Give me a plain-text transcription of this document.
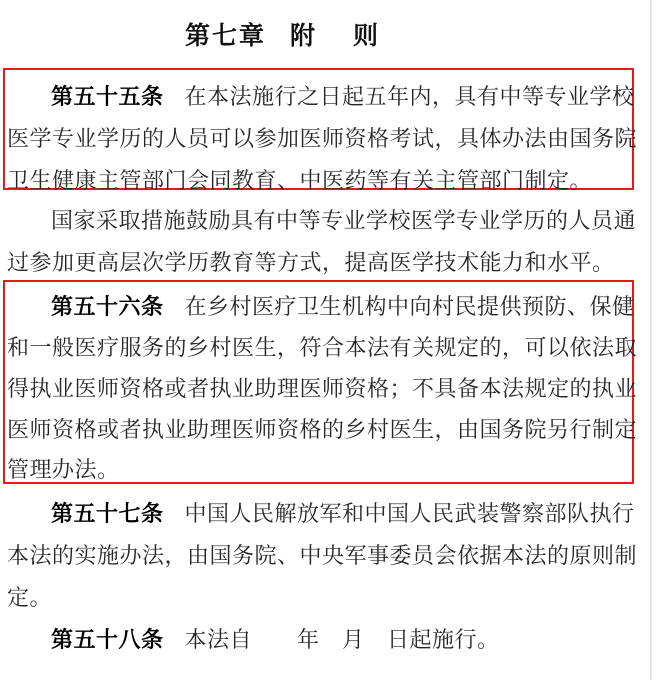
第七章 附 则
第五十五条 在本法施行之日起五年内，具有中等专业学校
医学专业学历的人员可以参加医师资格考试，具体办法由国务院
卫生健康主管部门会同教育、中医药等有关主管部门制定。
国家采取措施鼓励具有中等专业学校医学专业学历的人员通
过参加更高层次学历教育等方式，提高医学技术能力和水平。
第五十六条 在乡村医疗卫生机构中向村民提供预防、保健
和一般医疗服务的乡村医生，符合本法有关规定的，可以依法取
得执业医师资格或者执业助理医师资格；不具备本法规定的执业
医师资格或者执业助理医师资格的乡村医生，由国务院另行制定
管理办法。
第五十七条 中国人民解放军和中国人民武装警察部队执行
本法的实施办法，由国务院、中央军事委员会依据本法的原则制
定。
第五十八条 本法自　　年　月　日起施行。
